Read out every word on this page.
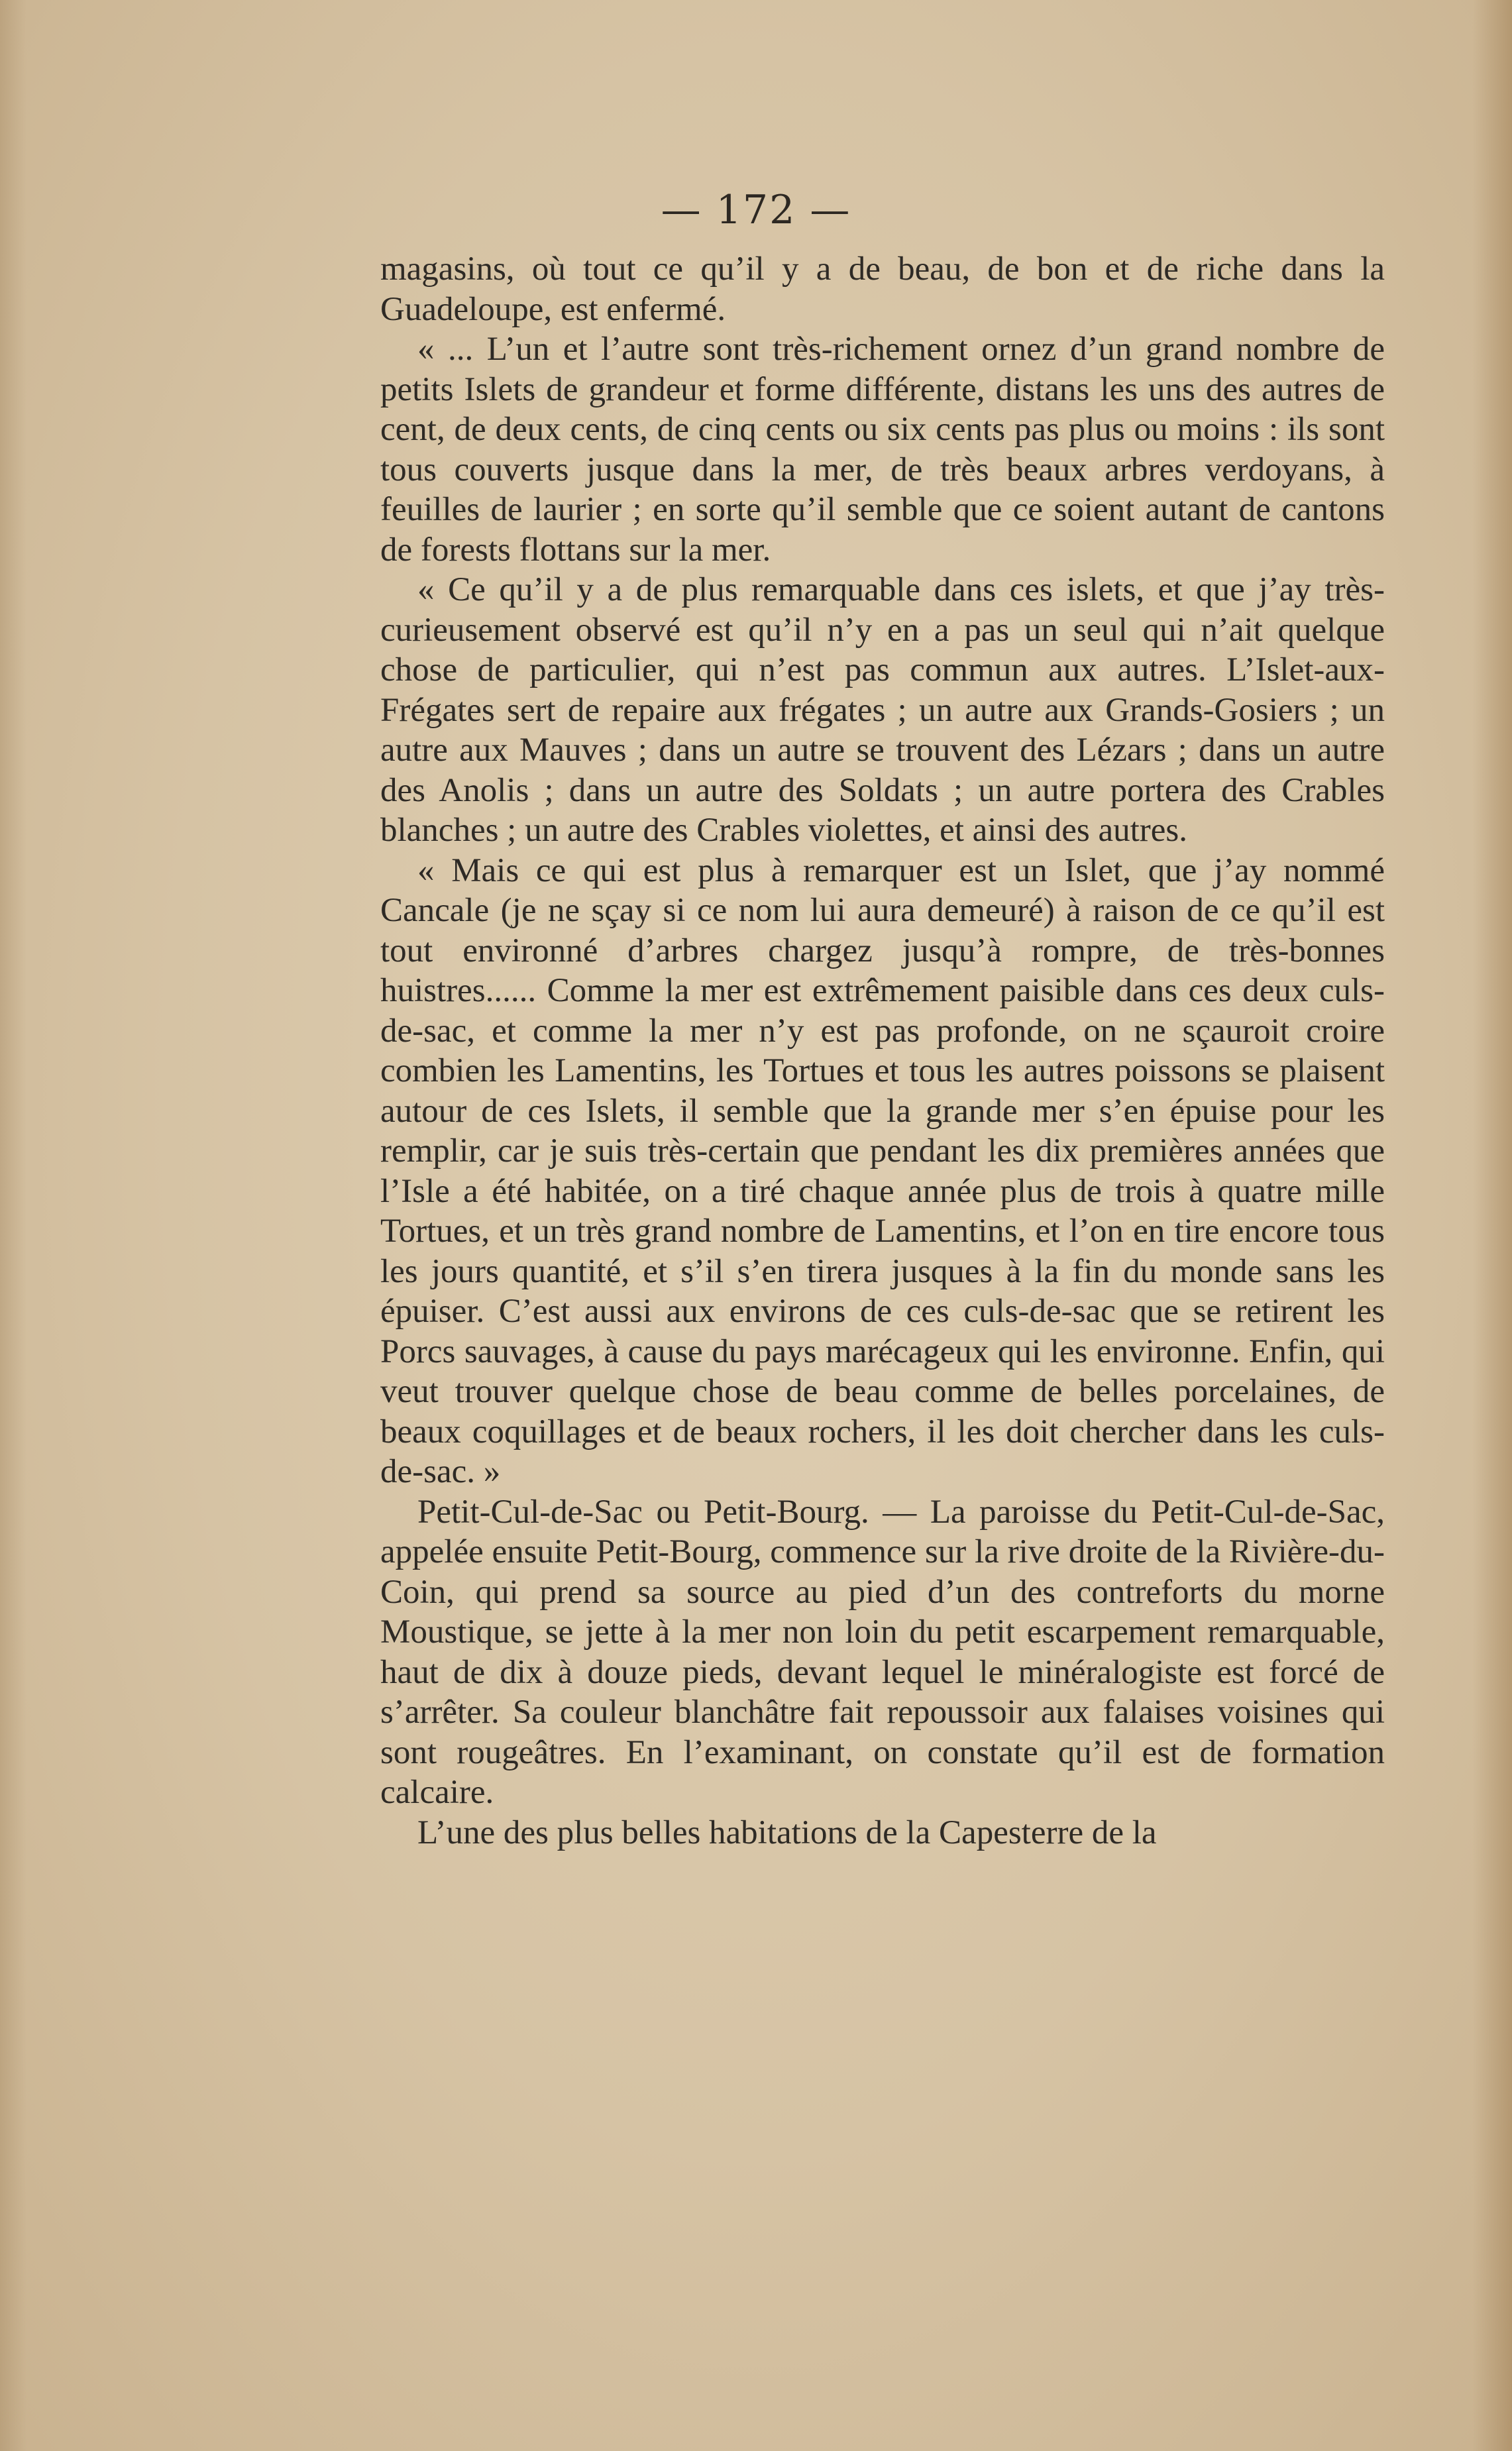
— 172 —

magasins, où tout ce qu’il y a de beau, de bon et de riche dans la Guadeloupe, est enfermé.

« ... L’un et l’autre sont très-richement ornez d’un grand nombre de petits Islets de grandeur et forme différente, distans les uns des autres de cent, de deux cents, de cinq cents ou six cents pas plus ou moins : ils sont tous couverts jusque dans la mer, de très beaux arbres verdoyans, à feuilles de laurier ; en sorte qu’il semble que ce soient autant de cantons de forests flottans sur la mer.

« Ce qu’il y a de plus remarquable dans ces islets, et que j’ay très-curieusement observé est qu’il n’y en a pas un seul qui n’ait quelque chose de particulier, qui n’est pas commun aux autres. L’Islet-aux-Frégates sert de repaire aux frégates ; un autre aux Grands-Gosiers ; un autre aux Mauves ; dans un autre se trouvent des Lézars ; dans un autre des Anolis ; dans un autre des Soldats ; un autre portera des Crables blanches ; un autre des Crables violettes, et ainsi des autres.

« Mais ce qui est plus à remarquer est un Islet, que j’ay nommé Cancale (je ne sçay si ce nom lui aura demeuré) à raison de ce qu’il est tout environné d’arbres chargez jusqu’à rompre, de très-bonnes huistres...... Comme la mer est extrêmement paisible dans ces deux culs-de-sac, et comme la mer n’y est pas profonde, on ne sçauroit croire combien les Lamentins, les Tortues et tous les autres poissons se plaisent autour de ces Islets, il semble que la grande mer s’en épuise pour les remplir, car je suis très-certain que pendant les dix premières années que l’Isle a été habitée, on a tiré chaque année plus de trois à quatre mille Tortues, et un très grand nombre de Lamentins, et l’on en tire encore tous les jours quantité, et s’il s’en tirera jusques à la fin du monde sans les épuiser. C’est aussi aux environs de ces culs-de-sac que se retirent les Porcs sauvages, à cause du pays marécageux qui les environne. Enfin, qui veut trouver quelque chose de beau comme de belles porcelaines, de beaux coquillages et de beaux rochers, il les doit chercher dans les culs-de-sac. »

Petit-Cul-de-Sac ou Petit-Bourg. — La paroisse du Petit-Cul-de-Sac, appelée ensuite Petit-Bourg, commence sur la rive droite de la Rivière-du-Coin, qui prend sa source au pied d’un des contreforts du morne Moustique, se jette à la mer non loin du petit escarpement remarquable, haut de dix à douze pieds, devant lequel le minéralogiste est forcé de s’arrêter. Sa couleur blanchâtre fait repoussoir aux falaises voisines qui sont rougeâtres. En l’examinant, on constate qu’il est de formation calcaire.

L’une des plus belles habitations de la Capesterre de la
